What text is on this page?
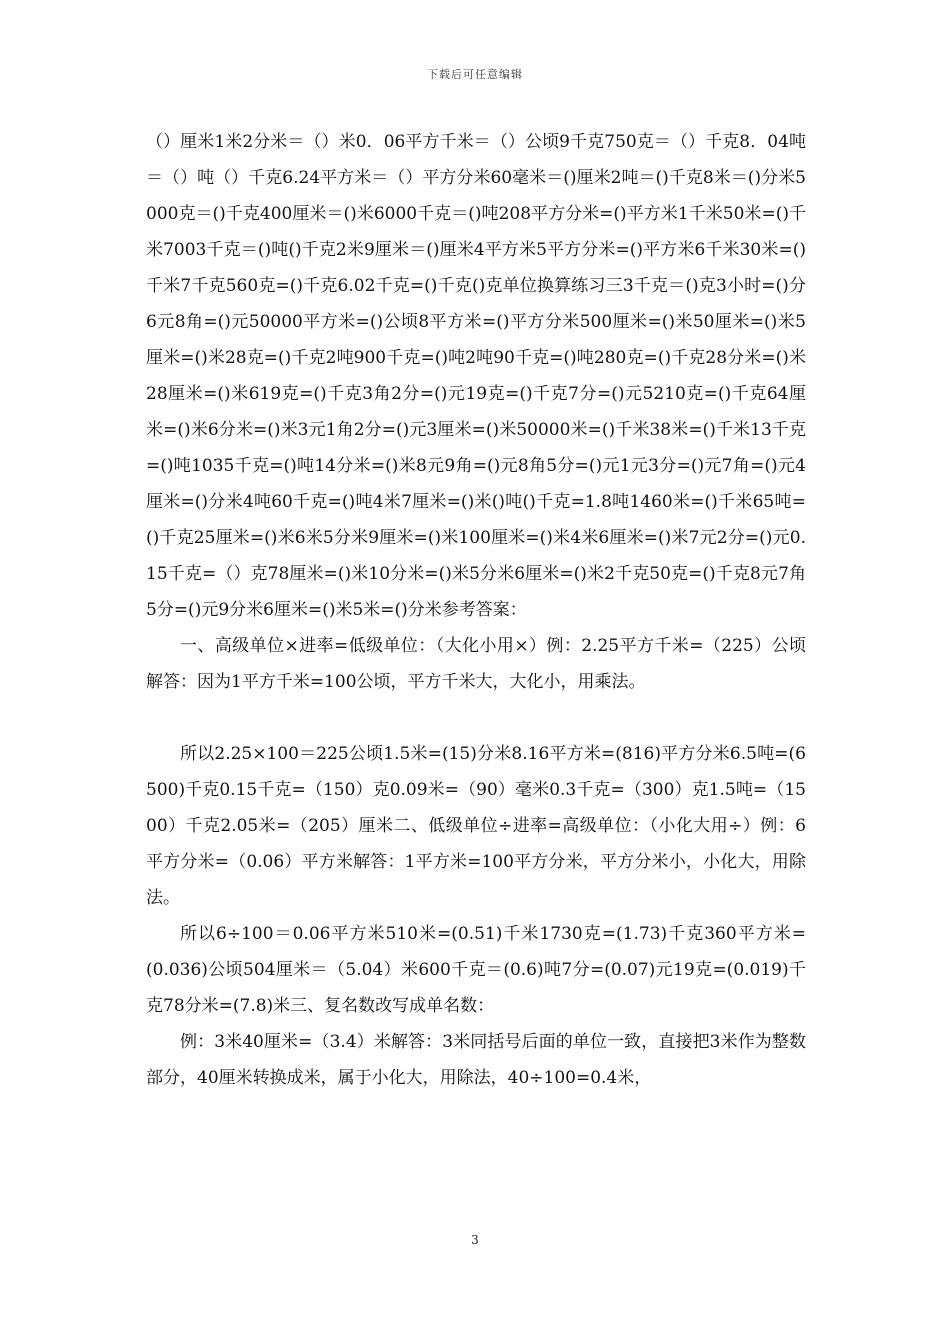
下载后可任意编辑

（）厘米1米2分米＝（）米0．06平方千米＝（）公顷9千克750克＝（）千克8．04吨＝（）吨（）千克6.24平方米＝（）平方分米60毫米＝()厘米2吨＝()千克8米＝()分米5000克＝()千克400厘米＝()米6000千克＝()吨208平方分米=()平方米1千米50米=()千米7003千克＝()吨()千克2米9厘米＝()厘米4平方米5平方分米=()平方米6千米30米=()千米7千克560克=()千克6.02千克=()千克()克单位换算练习三3千克＝()克3小时=()分6元8角=()元50000平方米=()公顷8平方米=()平方分米500厘米=()米50厘米=()米5厘米=()米28克=()千克2吨900千克=()吨2吨90千克=()吨280克=()千克28分米=()米28厘米=()米619克=()千克3角2分=()元19克=()千克7分=()元5210克=()千克64厘米=()米6分米=()米3元1角2分=()元3厘米=()米50000米=()千米38米=()千米13千克=()吨1035千克=()吨14分米=()米8元9角=()元8角5分=()元1元3分=()元7角=()元4厘米=()分米4吨60千克=()吨4米7厘米=()米()吨()千克=1.8吨1460米=()千米65吨=()千克25厘米=()米6米5分米9厘米=()米100厘米=()米4米6厘米=()米7元2分=()元0.15千克=（）克78厘米=()米10分米=()米5分米6厘米=()米2千克50克=()千克8元7角5分=()元9分米6厘米=()米5米=()分米参考答案：

一、高级单位×进率=低级单位：（大化小用×）例：2.25平方千米=（225）公顷解答：因为1平方千米=100公顷，平方千米大，大化小，用乘法。

所以2.25×100＝225公顷1.5米=(15)分米8.16平方米=(816)平方分米6.5吨=(6500)千克0.15千克=（150）克0.09米=（90）毫米0.3千克=（300）克1.5吨=（1500）千克2.05米=（205）厘米二、低级单位÷进率=高级单位：（小化大用÷）例：6平方分米=（0.06）平方米解答：1平方米=100平方分米，平方分米小，小化大，用除法。

所以6÷100＝0.06平方米510米=(0.51)千米1730克=(1.73)千克360平方米=(0.036)公顷504厘米＝（5.04）米600千克＝(0.6)吨7分=(0.07)元19克=(0.019)千克78分米=(7.8)米三、复名数改写成单名数：

例：3米40厘米=（3.4）米解答：3米同括号后面的单位一致，直接把3米作为整数部分，40厘米转换成米，属于小化大，用除法，40÷100=0.4米，

3
